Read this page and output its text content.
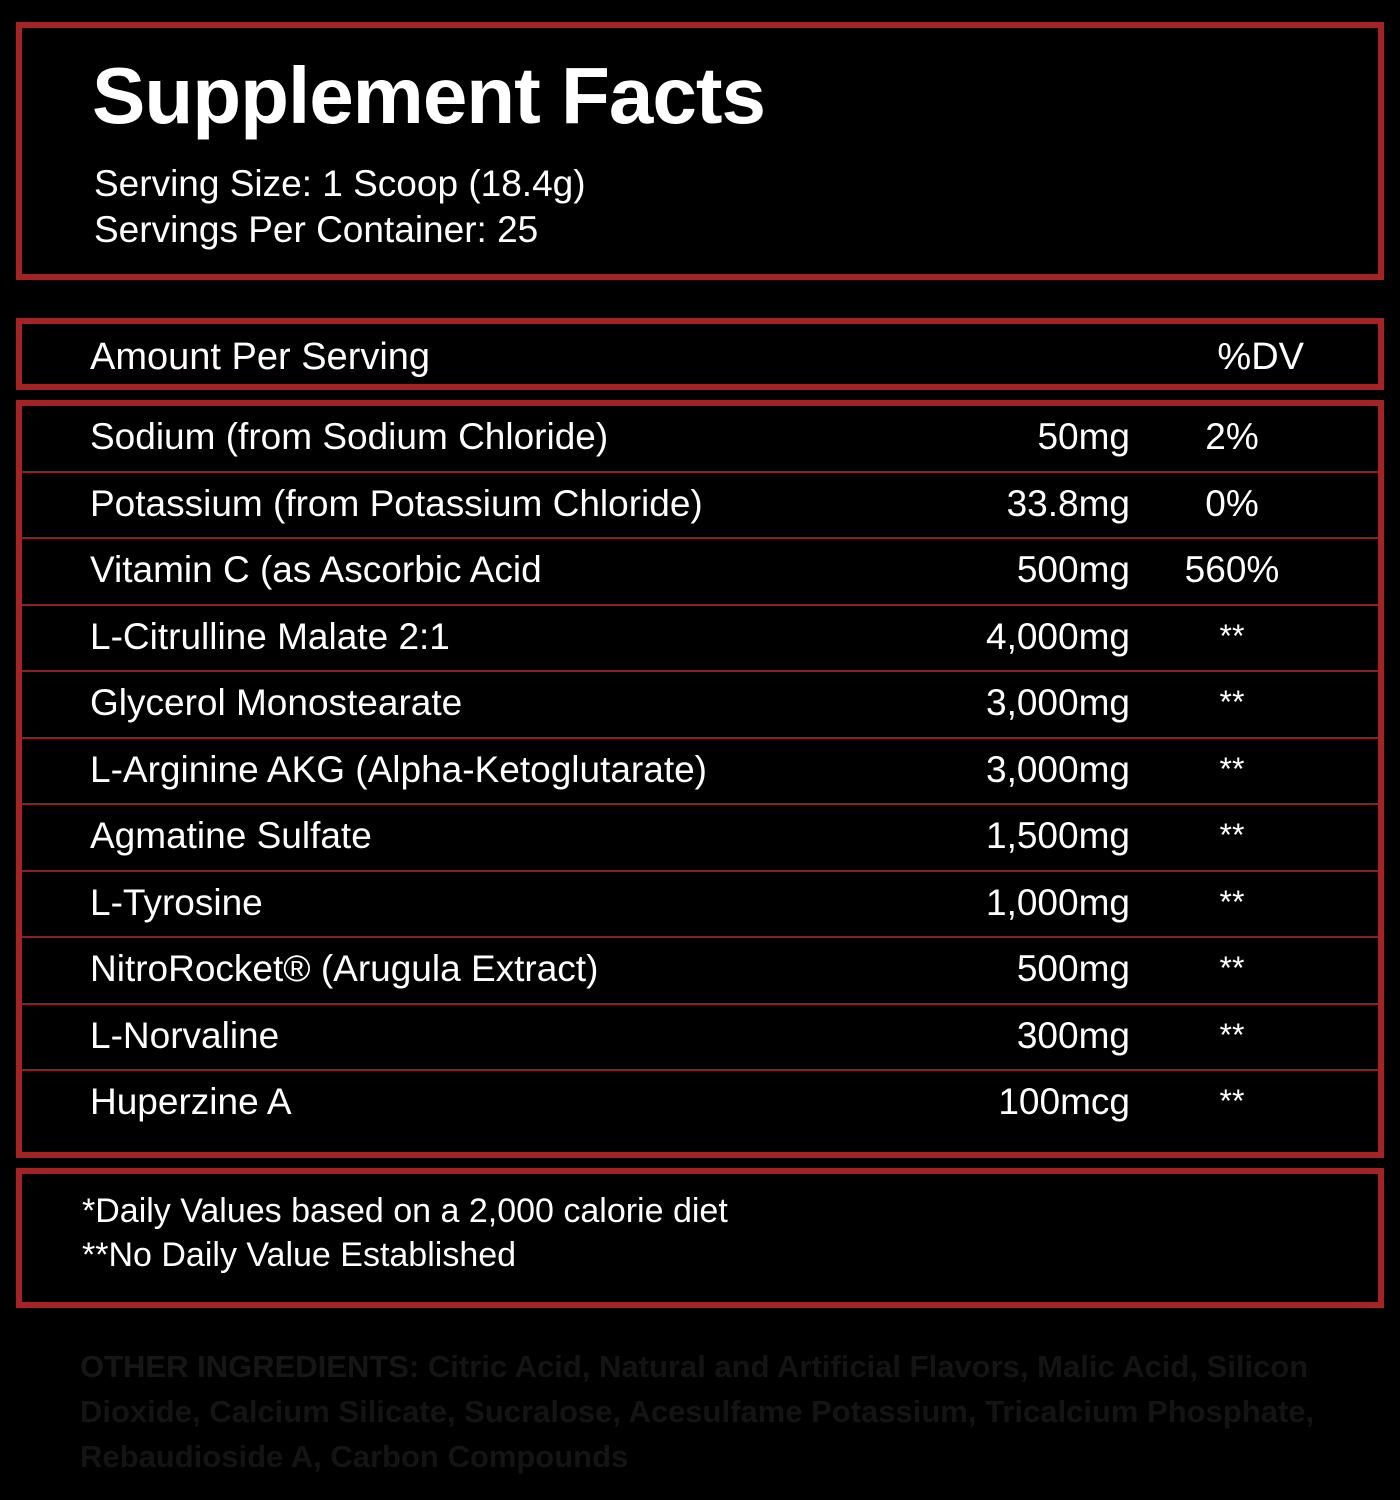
Supplement Facts
Serving Size: 1 Scoop (18.4g)
Servings Per Container: 25
Amount Per Serving	%DV
Sodium (from Sodium Chloride)	50mg	2%
Potassium (from Potassium Chloride)	33.8mg	0%
Vitamin C (as Ascorbic Acid	500mg	560%
L-Citrulline Malate 2:1	4,000mg	**
Glycerol Monostearate	3,000mg	**
L-Arginine AKG (Alpha-Ketoglutarate)	3,000mg	**
Agmatine Sulfate	1,500mg	**
L-Tyrosine	1,000mg	**
NitroRocket® (Arugula Extract)	500mg	**
L-Norvaline	300mg	**
Huperzine A	100mcg	**
*Daily Values based on a 2,000 calorie diet
**No Daily Value Established
OTHER INGREDIENTS: Citric Acid, Natural and Artificial Flavors, Malic Acid, Silicon Dioxide, Calcium Silicate, Sucralose, Acesulfame Potassium, Tricalcium Phosphate, Rebaudioside A, Carbon Compounds
